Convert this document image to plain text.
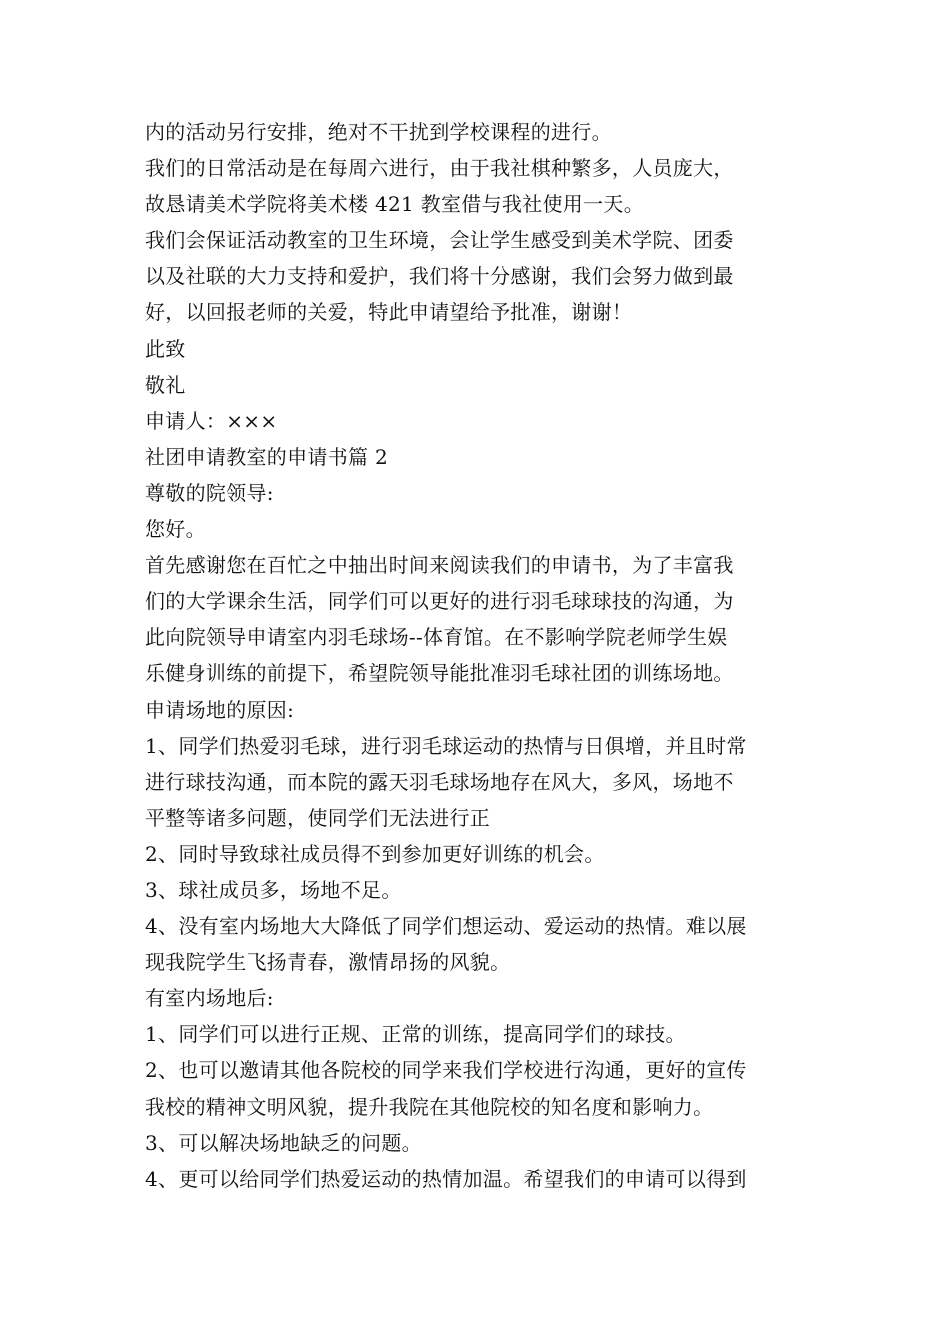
内的活动另行安排，绝对不干扰到学校课程的进行。
我们的日常活动是在每周六进行，由于我社棋种繁多，人员庞大，
故恳请美术学院将美术楼 421 教室借与我社使用一天。
我们会保证活动教室的卫生环境，会让学生感受到美术学院、团委
以及社联的大力支持和爱护，我们将十分感谢，我们会努力做到最
好，以回报老师的关爱，特此申请望给予批准，谢谢！
此致
敬礼
申请人：×××
社团申请教室的申请书篇 2
尊敬的院领导:
您好。
首先感谢您在百忙之中抽出时间来阅读我们的申请书，为了丰富我
们的大学课余生活，同学们可以更好的进行羽毛球球技的沟通，为
此向院领导申请室内羽毛球场--体育馆。在不影响学院老师学生娱
乐健身训练的前提下，希望院领导能批准羽毛球社团的训练场地。
申请场地的原因:
1、同学们热爱羽毛球，进行羽毛球运动的热情与日俱增，并且时常
进行球技沟通，而本院的露天羽毛球场地存在风大，多风，场地不
平整等诸多问题，使同学们无法进行正
2、同时导致球社成员得不到参加更好训练的机会。
3、球社成员多，场地不足。
4、没有室内场地大大降低了同学们想运动、爱运动的热情。难以展
现我院学生飞扬青春，激情昂扬的风貌。
有室内场地后:
1、同学们可以进行正规、正常的训练，提高同学们的球技。
2、也可以邀请其他各院校的同学来我们学校进行沟通，更好的宣传
我校的精神文明风貌，提升我院在其他院校的知名度和影响力。
3、可以解决场地缺乏的问题。
4、更可以给同学们热爱运动的热情加温。希望我们的申请可以得到
